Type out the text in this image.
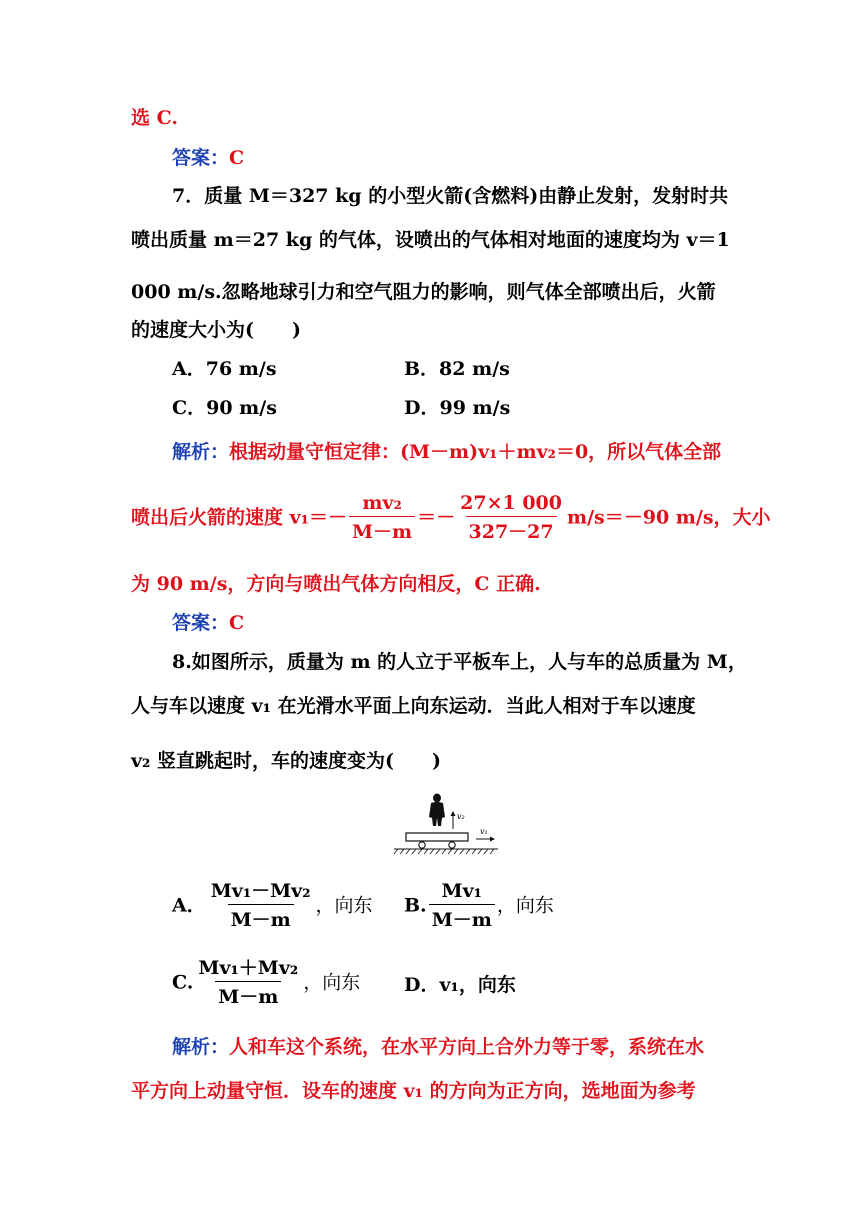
选 C.
答案：C
7．质量 M＝327 kg 的小型火箭(含燃料)由静止发射，发射时共
喷出质量 m＝27 kg 的气体，设喷出的气体相对地面的速度均为 v＝1
000 m/s.忽略地球引力和空气阻力的影响，则气体全部喷出后，火箭
的速度大小为(　　)
A．76 m/s	B．82 m/s
C．90 m/s	D．99 m/s
解析：根据动量守恒定律：(M－m)v₁＋mv₂＝0，所以气体全部
喷出后火箭的速度 $v_1=- \frac{\text{mv₂}}{M-m} =- \frac{27\times 1 000}{327-27} m/s=-90$ m/s，大小
为 90 m/s，方向与喷出气体方向相反，C 正确.
答案：C
8.如图所示，质量为 m 的人立于平板车上，人与车的总质量为 M，
人与车以速度 v₁ 在光滑水平面上向东运动．当此人相对于车以速度
v₂ 竖直跳起时，车的速度变为(　　)
v₂
v₁
A． $\frac{\text{Mv₁－Mv₂}}{M-m}$ ，向东 B. $\frac{\text{Mv₁}}{M-m}$ ，向东
C. $\frac{\text{Mv₁＋Mv₂}}{M-m}$ ，向东 D．v₁，向东
解析：人和车这个系统，在水平方向上合外力等于零，系统在水
平方向上动量守恒．设车的速度 v₁ 的方向为正方向，选地面为参考
